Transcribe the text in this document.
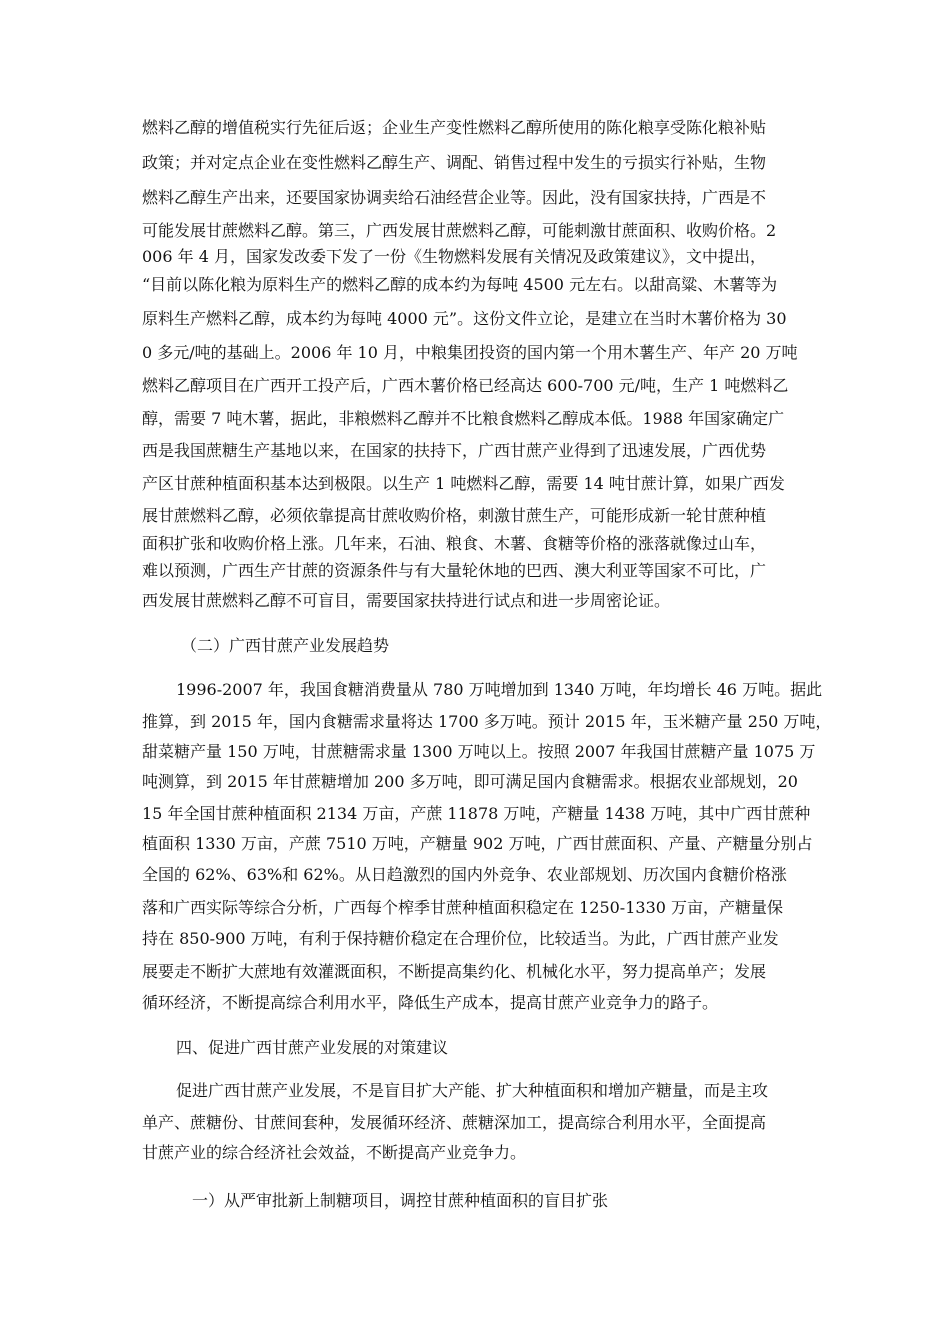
燃料乙醇的增值税实行先征后返；企业生产变性燃料乙醇所使用的陈化粮享受陈化粮补贴
政策；并对定点企业在变性燃料乙醇生产、调配、销售过程中发生的亏损实行补贴，生物
燃料乙醇生产出来，还要国家协调卖给石油经营企业等。因此，没有国家扶持，广西是不
可能发展甘蔗燃料乙醇。第三，广西发展甘蔗燃料乙醇，可能刺激甘蔗面积、收购价格。2
006 年 4 月，国家发改委下发了一份《生物燃料发展有关情况及政策建议》，文中提出，
“目前以陈化粮为原料生产的燃料乙醇的成本约为每吨 4500 元左右。以甜高粱、木薯等为
原料生产燃料乙醇，成本约为每吨 4000 元”。这份文件立论，是建立在当时木薯价格为 30
0 多元/吨的基础上。2006 年 10 月，中粮集团投资的国内第一个用木薯生产、年产 20 万吨
燃料乙醇项目在广西开工投产后，广西木薯价格已经高达 600-700 元/吨，生产 1 吨燃料乙
醇，需要 7 吨木薯，据此，非粮燃料乙醇并不比粮食燃料乙醇成本低。1988 年国家确定广
西是我国蔗糖生产基地以来，在国家的扶持下，广西甘蔗产业得到了迅速发展，广西优势
产区甘蔗种植面积基本达到极限。以生产 1 吨燃料乙醇，需要 14 吨甘蔗计算，如果广西发
展甘蔗燃料乙醇，必须依靠提高甘蔗收购价格，刺激甘蔗生产，可能形成新一轮甘蔗种植
面积扩张和收购价格上涨。几年来，石油、粮食、木薯、食糖等价格的涨落就像过山车，
难以预测，广西生产甘蔗的资源条件与有大量轮休地的巴西、澳大利亚等国家不可比，广
西发展甘蔗燃料乙醇不可盲目，需要国家扶持进行试点和进一步周密论证。
（二）广西甘蔗产业发展趋势
1996-2007 年，我国食糖消费量从 780 万吨增加到 1340 万吨，年均增长 46 万吨。据此
推算，到 2015 年，国内食糖需求量将达 1700 多万吨。预计 2015 年，玉米糖产量 250 万吨，
甜菜糖产量 150 万吨，甘蔗糖需求量 1300 万吨以上。按照 2007 年我国甘蔗糖产量 1075 万
吨测算，到 2015 年甘蔗糖增加 200 多万吨，即可满足国内食糖需求。根据农业部规划，20
15 年全国甘蔗种植面积 2134 万亩，产蔗 11878 万吨，产糖量 1438 万吨，其中广西甘蔗种
植面积 1330 万亩，产蔗 7510 万吨，产糖量 902 万吨，广西甘蔗面积、产量、产糖量分别占
全国的 62%、63%和 62%。从日趋激烈的国内外竞争、农业部规划、历次国内食糖价格涨
落和广西实际等综合分析，广西每个榨季甘蔗种植面积稳定在 1250-1330 万亩，产糖量保
持在 850-900 万吨，有利于保持糖价稳定在合理价位，比较适当。为此，广西甘蔗产业发
展要走不断扩大蔗地有效灌溉面积，不断提高集约化、机械化水平，努力提高单产；发展
循环经济，不断提高综合利用水平，降低生产成本，提高甘蔗产业竞争力的路子。
四、促进广西甘蔗产业发展的对策建议
促进广西甘蔗产业发展，不是盲目扩大产能、扩大种植面积和增加产糖量，而是主攻
单产、蔗糖份、甘蔗间套种，发展循环经济、蔗糖深加工，提高综合利用水平，全面提高
甘蔗产业的综合经济社会效益，不断提高产业竞争力。
一）从严审批新上制糖项目，调控甘蔗种植面积的盲目扩张
